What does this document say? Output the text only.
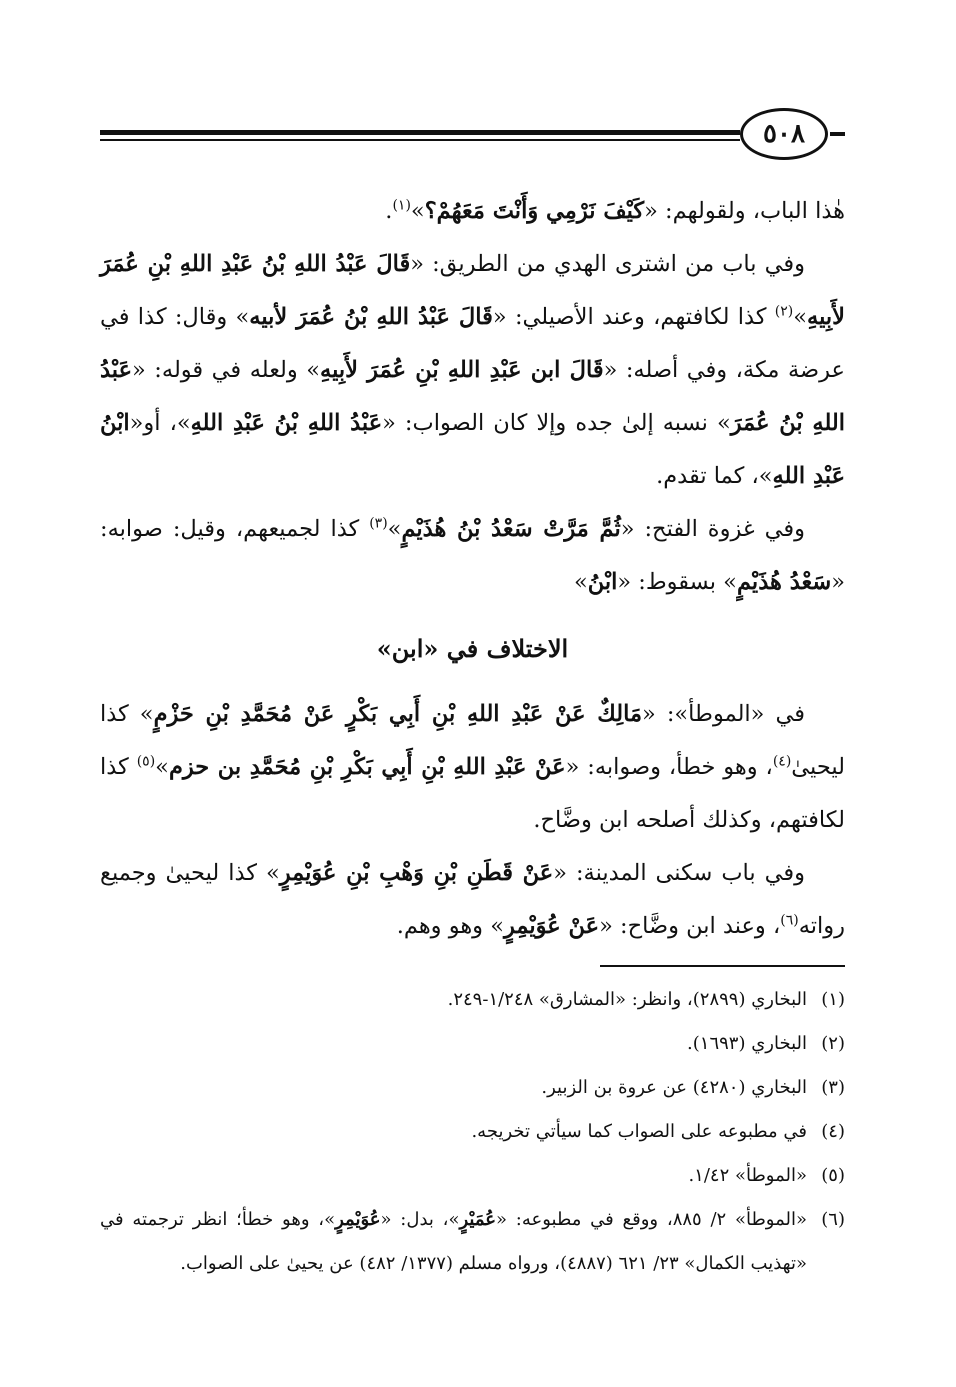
٥٠٨

هٰذا الباب، ولقولهم: «كَيْفَ نَرْمِي وَأَنْتَ مَعَهُمْ؟»$^{(١)}$.

وفي باب من اشترى الهدي من الطريق: «قَالَ عَبْدُ اللهِ بْنُ عَبْدِ اللهِ بْنِ عُمَرَ لأَبِيهِ»$^{(٢)}$ كذا لكافتهم، وعند الأصيلي: «قَالَ عَبْدُ اللهِ بْنُ عُمَرَ لأبيه» وقال: كذا في عرضة مكة، وفي أصله: «قَالَ ابن عَبْدِ اللهِ بْنِ عُمَرَ لأَبِيهِ» ولعله في قوله: «عَبْدُ اللهِ بْنُ عُمَرَ» نسبه إلىٰ جده وإلا كان الصواب: «عَبْدُ اللهِ بْنُ عَبْدِ اللهِ»، أو«ابْنُ عَبْدِ اللهِ»، كما تقدم.

وفي غزوة الفتح: «ثُمَّ مَرَّتْ سَعْدُ بْنُ هُذَيْمٍ»$^{(٣)}$ كذا لجميعهم، وقيل: صوابه: «سَعْدُ هُذَيْمٍ» بسقوط: «ابْنُ»

الاختلاف في «ابن»

في «الموطأ»: «مَالِكٌ عَنْ عَبْدِ اللهِ بْنِ أَبِي بَكْرٍ عَنْ مُحَمَّدِ بْنِ حَزْمٍ» كذا ليحيىٰ$^{(٤)}$، وهو خطأ، وصوابه: «عَنْ عَبْدِ اللهِ بْنِ أَبِي بَكْرِ بْنِ مُحَمَّدِ بن حزم»$^{(٥)}$ كذا لكافتهم، وكذلك أصلحه ابن وضَّاح.

وفي باب سكنى المدينة: «عَنْ قَطَنِ بْنِ وَهْبِ بْنِ عُوَيْمِرٍ» كذا ليحيىٰ وجميع رواته$^{(٦)}$، وعند ابن وضَّاح: «عَنْ عُوَيْمِرٍ» وهو وهم.

(١)
البخاري (٢٨٩٩)، وانظر: «المشارق» ١/٢٤٨-٢٤٩.
(٢)
البخاري (١٦٩٣).
(٣)
البخاري (٤٢٨٠) عن عروة بن الزبير.
(٤)
في مطبوعه على الصواب كما سيأتي تخريجه.
(٥)
«الموطأ» ١/٤٢.
(٦)
«الموطأ» ٢/ ٨٨٥، ووقع في مطبوعه: «عُمَيْرٍ»، بدل: «عُوَيْمِرٍ»، وهو خطأ؛ انظر ترجمته في «تهذيب الكمال» ٢٣/ ٦٢١ (٤٨٨٧)، ورواه مسلم (١٣٧٧/ ٤٨٢) عن يحيىٰ على الصواب.
